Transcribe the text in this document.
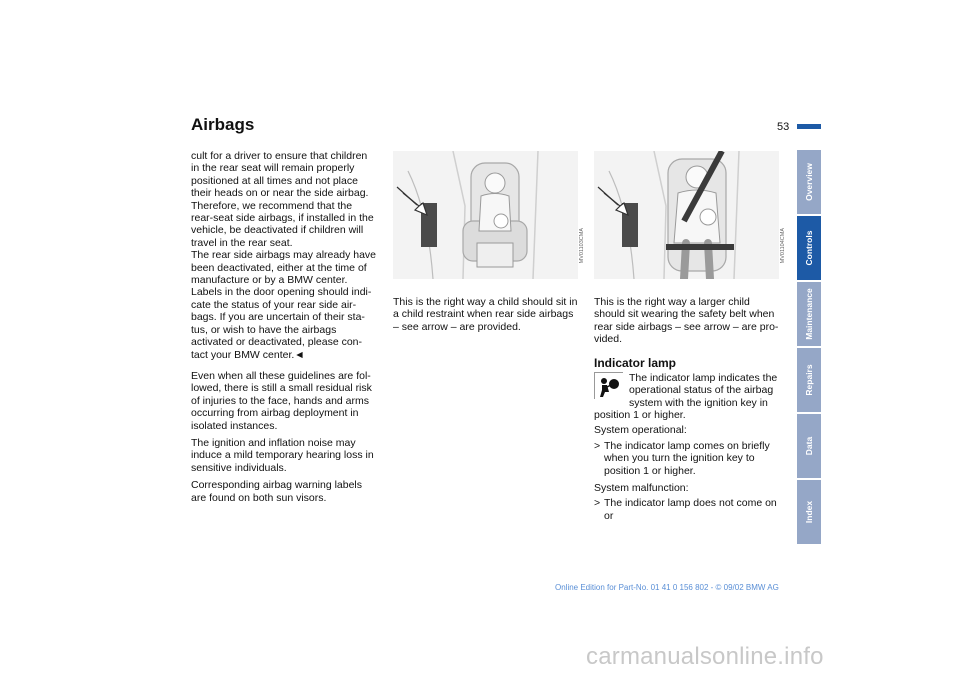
Airbags	53

cult for a driver to ensure that children
in the rear seat will remain properly
positioned at all times and not place
their heads on or near the side airbag.
Therefore, we recommend that the
rear-seat side airbags, if installed in the
vehicle, be deactivated if children will
travel in the rear seat.
The rear side airbags may already have
been deactivated, either at the time of
manufacture or by a BMW center.
Labels in the door opening should indi-
cate the status of your rear side air-
bags. If you are uncertain of their sta-
tus, or wish to have the airbags
activated or deactivated, please con-
tact your BMW center.◄

Even when all these guidelines are fol-
lowed, there is still a small residual risk
of injuries to the face, hands and arms
occurring from airbag deployment in
isolated instances.

The ignition and inflation noise may
induce a mild temporary hearing loss in
sensitive individuals.

Corresponding airbag warning labels
are found on both sun visors.

MV01103CMA	MV01104CMA

This is the right way a child should sit in
a child restraint when rear side airbags
– see arrow – are provided.

This is the right way a larger child
should sit wearing the safety belt when
rear side airbags – see arrow – are pro-
vided.

Indicator lamp
The indicator lamp indicates the
operational status of the airbag
system with the ignition key in

position 1 or higher.

System operational:

> The indicator lamp comes on briefly
when you turn the ignition key to
position 1 or higher.

System malfunction:

> The indicator lamp does not come on
or
Overview
Controls
Maintenance
Repairs
Data
Index
Online Edition for Part-No. 01 41 0 156 802 - © 09/02 BMW AG
carmanualsonline.info
